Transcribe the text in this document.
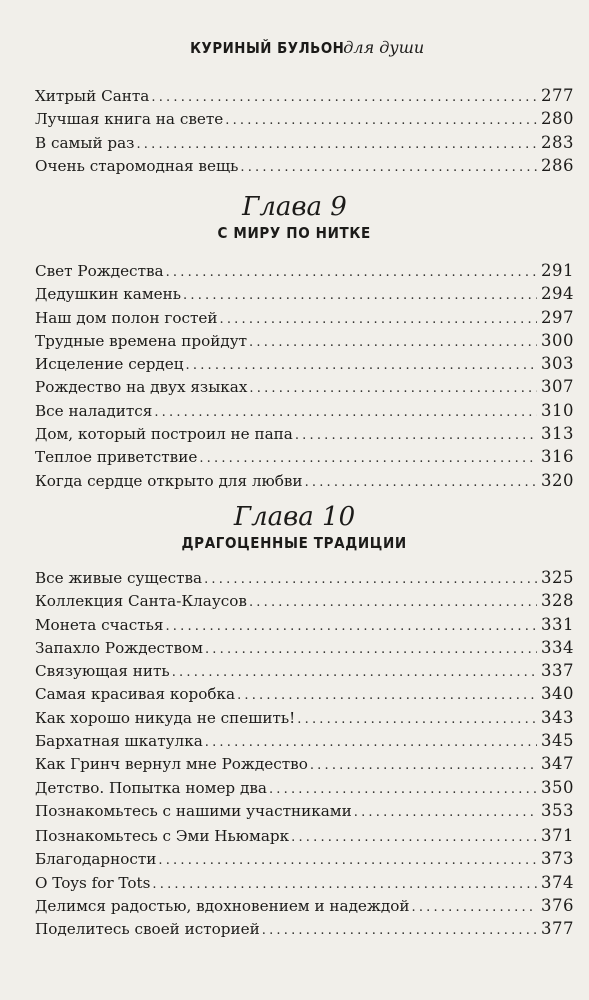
КУРИНЫЙ БУЛЬОН для души
Хитрый Санта .....	277
Лучшая книга на свете .....	280
В самый раз .....	283
Очень старомодная вещь .....	286
Глава 9
С МИРУ ПО НИТКЕ
Свет Рождества .....	291
Дедушкин камень .....	294
Наш дом полон гостей .....	297
Трудные времена пройдут .....	300
Исцеление сердец .....	303
Рождество на двух языках .....	307
Все наладится .....	310
Дом, который построил не папа .....	313
Теплое приветствие .....	316
Когда сердце открыто для любви .....	320
Глава 10
ДРАГОЦЕННЫЕ ТРАДИЦИИ
Все живые существа .....	325
Коллекция Санта-Клаусов .....	328
Монета счастья .....	331
Запахло Рождеством .....	334
Связующая нить .....	337
Самая красивая коробка .....	340
Как хорошо никуда не спешить! .....	343
Бархатная шкатулка .....	345
Как Гринч вернул мне Рождество .....	347
Детство. Попытка номер два .....	350
Познакомьтесь с нашими участниками .....	353
Познакомьтесь с Эми Ньюмарк .....	371
Благодарности .....	373
О Toys for Tots .....	374
Делимся радостью, вдохновением и надеждой .....	376
Поделитесь своей историей .....	377
